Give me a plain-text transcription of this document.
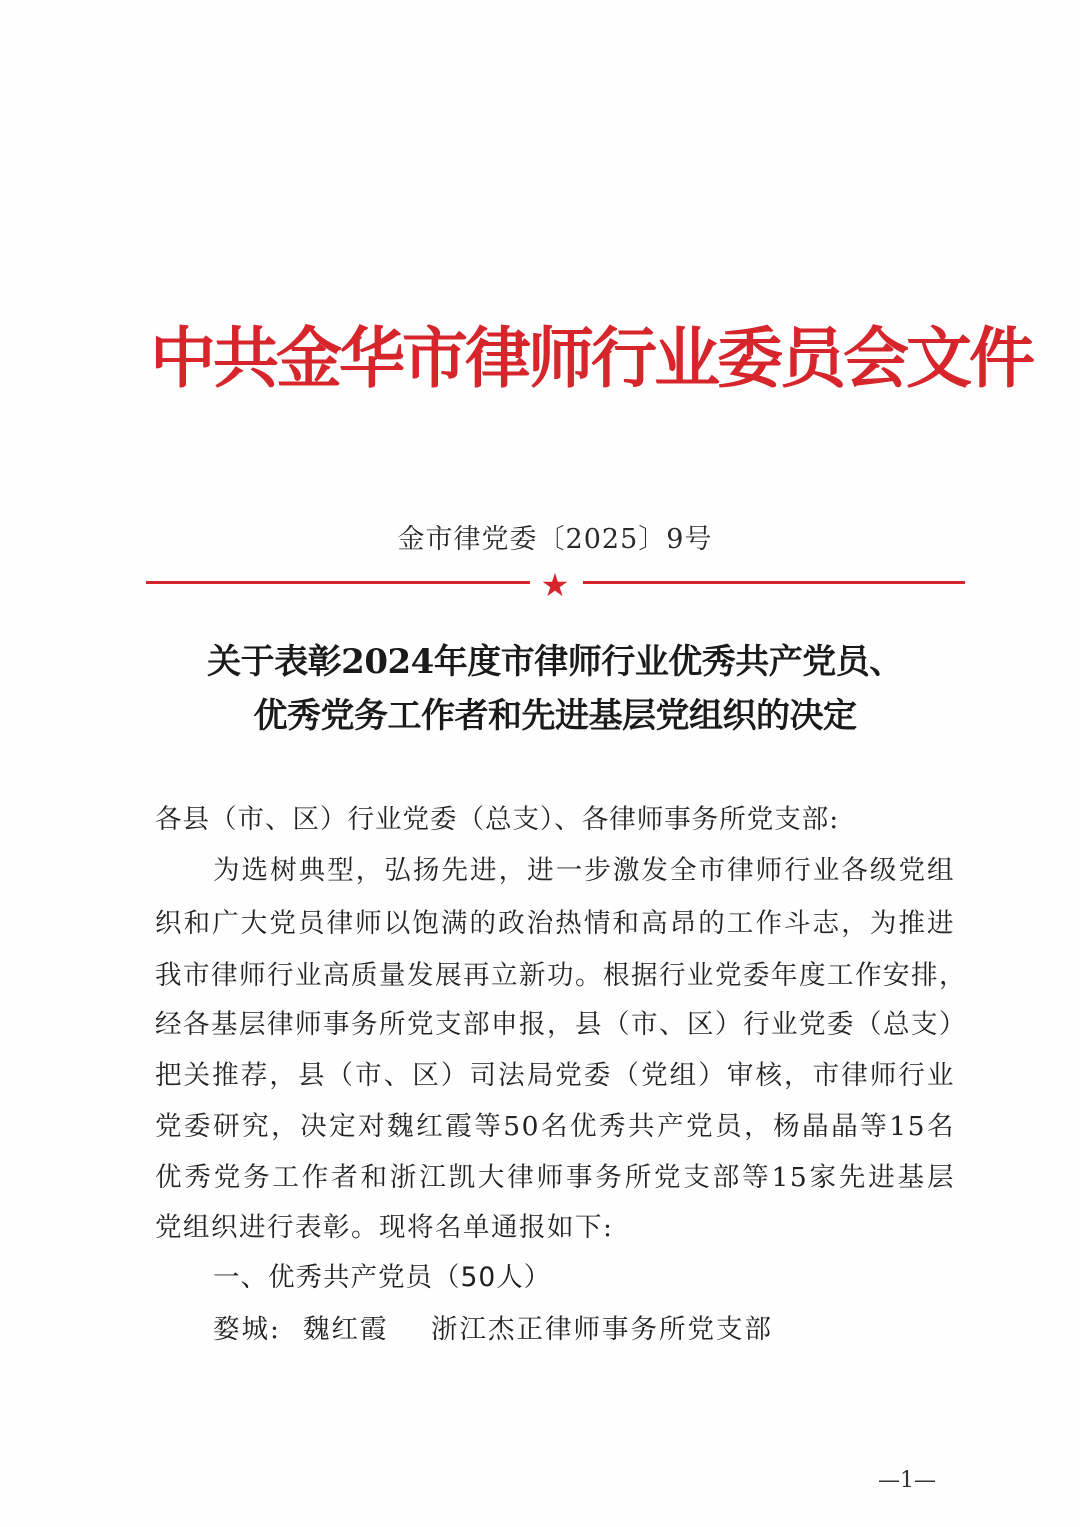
中共金华市律师行业委员会文件
金市律党委〔2025〕9号
★
关于表彰2024年度市律师行业优秀共产党员、
优秀党务工作者和先进基层党组织的决定
各县（市、区）行业党委（总支）、各律师事务所党支部:
为选树典型，弘扬先进，进一步激发全市律师行业各级党组
织和广大党员律师以饱满的政治热情和高昂的工作斗志，为推进
我市律师行业高质量发展再立新功。根据行业党委年度工作安排，
经各基层律师事务所党支部申报，县（市、区）行业党委（总支）
把关推荐，县（市、区）司法局党委（党组）审核，市律师行业
党委研究，决定对魏红霞等50名优秀共产党员，杨晶晶等15名
优秀党务工作者和浙江凯大律师事务所党支部等15家先进基层
党组织进行表彰。现将名单通报如下:
一、优秀共产党员（50人）
婺城: 魏红霞 浙江杰正律师事务所党支部
—1—
